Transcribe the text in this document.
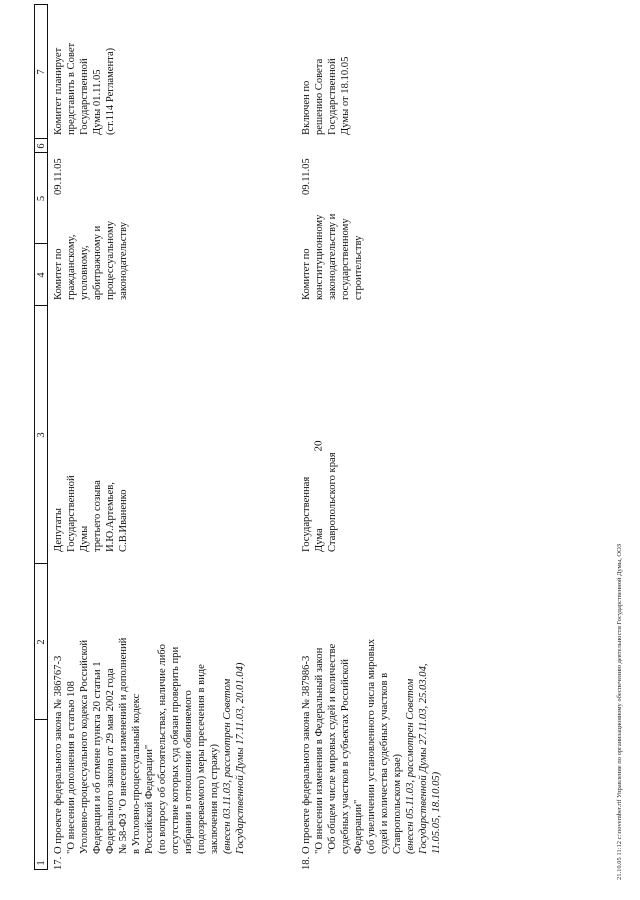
20
1
2
3
4
5
6
7
17.
О проекте федерального закона № 386767-3 "О внесении дополнения в статью 108 Уголовно-процессуального кодекса Российской Федерации и об отмене пункта 20 статьи 1 Федерального закона от 29 мая 2002 года № 58-ФЗ "О внесении изменений и дополнений в Уголовно-процессуальный кодекс Российской Федерации" (по вопросу об обстоятельствах, наличие либо отсутствие которых суд обязан проверить при избрании в отношении обвиняемого (подозреваемого) меры пресечения в виде заключения под стражу) (внесен 03.11.03, рассмотрен Советом Государственной Думы 17.11.03, 20.01.04)
Депутаты Государственной Думы третьего созыва И.Ю.Артемьев, С.В.Иваненко
Комитет по гражданскому, уголовному, арбитражному и процессуальному законодательству
09.11.05
Комитет планирует представить в Совет Государственной Думы 01.11.05 (ст.114 Регламента)
18.
О проекте федерального закона № 387986-3 "О внесении изменения в Федеральный закон "Об общем числе мировых судей и количестве судебных участков в субъектах Российской Федерации" (об увеличении установленного числа мировых судей и количества судебных участков в Ставропольском крае) (внесен 05.11.03, рассмотрен Советом Государственной Думы 27.11.03, 25.03.04, 11.05.05, 18.10.05)
Государственная Дума Ставропольского края
Комитет по конституционному законодательству и государственному строительству
09.11.05
Включен по решению Совета Государственной Думы от 18.10.05
21.10.05 11:12 c:\november.rtf Управление по организационному обеспечению деятельности Государственной Думы, ООЗ
